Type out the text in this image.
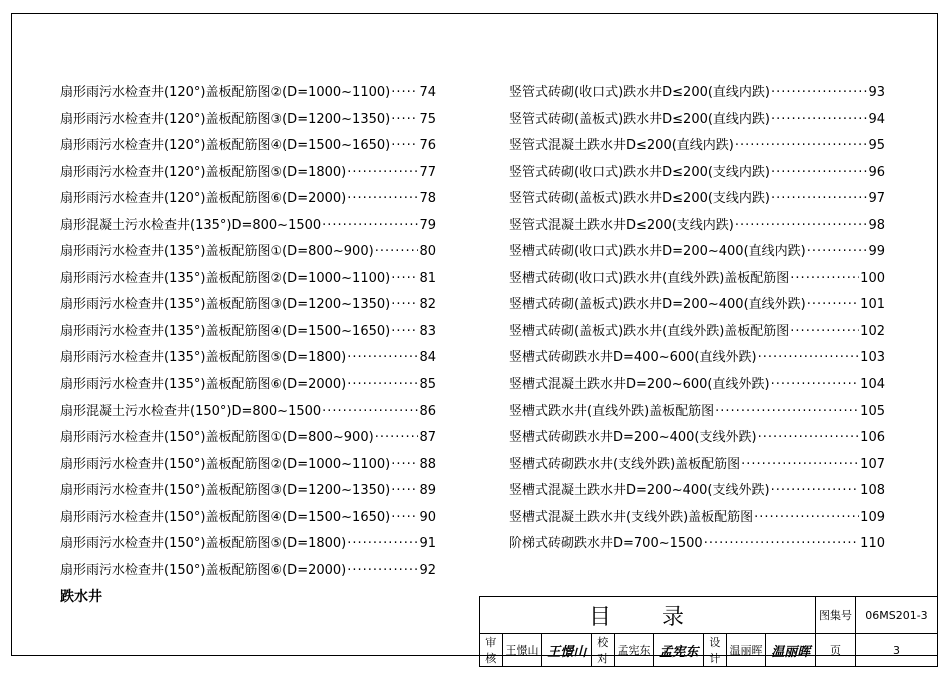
扇形雨污水检查井(120°)盖板配筋图②(D=1000~1100) ····· 74
扇形雨污水检查井(120°)盖板配筋图③(D=1200~1350) ····· 75
扇形雨污水检查井(120°)盖板配筋图④(D=1500~1650) ····· 76
扇形雨污水检查井(120°)盖板配筋图⑤(D=1800) ·····	77
扇形雨污水检查井(120°)盖板配筋图⑥(D=2000) ·····	78
扇形混凝土污水检查井(135°)D=800~1500 ·····	79
扇形雨污水检查井(135°)盖板配筋图①(D=800~900) ·····	80
扇形雨污水检查井(135°)盖板配筋图②(D=1000~1100) ····· 81
扇形雨污水检查井(135°)盖板配筋图③(D=1200~1350) ····· 82
扇形雨污水检查井(135°)盖板配筋图④(D=1500~1650) ····· 83
扇形雨污水检查井(135°)盖板配筋图⑤(D=1800) ·····	84
扇形雨污水检查井(135°)盖板配筋图⑥(D=2000) ·····	85
扇形混凝土污水检查井(150°)D=800~1500 ·····	86
扇形雨污水检查井(150°)盖板配筋图①(D=800~900) ·····	87
扇形雨污水检查井(150°)盖板配筋图②(D=1000~1100) ····· 88
扇形雨污水检查井(150°)盖板配筋图③(D=1200~1350) ····· 89
扇形雨污水检查井(150°)盖板配筋图④(D=1500~1650) ····· 90
扇形雨污水检查井(150°)盖板配筋图⑤(D=1800) ·····	91
扇形雨污水检查井(150°)盖板配筋图⑥(D=2000) ·····	92
跌水井
竖管式砖砌(收口式)跌水井D≤200(直线内跌) ·····	93
竖管式砖砌(盖板式)跌水井D≤200(直线内跌) ·····	94
竖管式混凝土跌水井D≤200(直线内跌) ·····	95
竖管式砖砌(收口式)跌水井D≤200(支线内跌) ·····	96
竖管式砖砌(盖板式)跌水井D≤200(支线内跌) ·····	97
竖管式混凝土跌水井D≤200(支线内跌) ·····	98
竖槽式砖砌(收口式)跌水井D=200~400(直线内跌) ·····	99
竖槽式砖砌(收口式)跌水井(直线外跌)盖板配筋图 ·····	100
竖槽式砖砌(盖板式)跌水井D=200~400(直线外跌) ·····	101
竖槽式砖砌(盖板式)跌水井(直线外跌)盖板配筋图 ·····	102
竖槽式砖砌跌水井D=400~600(直线外跌) ·····	103
竖槽式混凝土跌水井D=200~600(直线外跌) ·····	104
竖槽式跌水井(直线外跌)盖板配筋图 ·····	105
竖槽式砖砌跌水井D=200~400(支线外跌) ·····	106
竖槽式砖砌跌水井(支线外跌)盖板配筋图 ·····	107
竖槽式混凝土跌水井D=200~400(支线外跌) ·····	108
竖槽式混凝土跌水井(支线外跌)盖板配筋图 ·····	109
阶梯式砖砌跌水井D=700~1500 ·····	110
目 录									图集号	06MS201-3
审核	王憬山	王憬山	校对	孟宪东	孟宪东	设计	温丽晖	温丽晖	页	3
